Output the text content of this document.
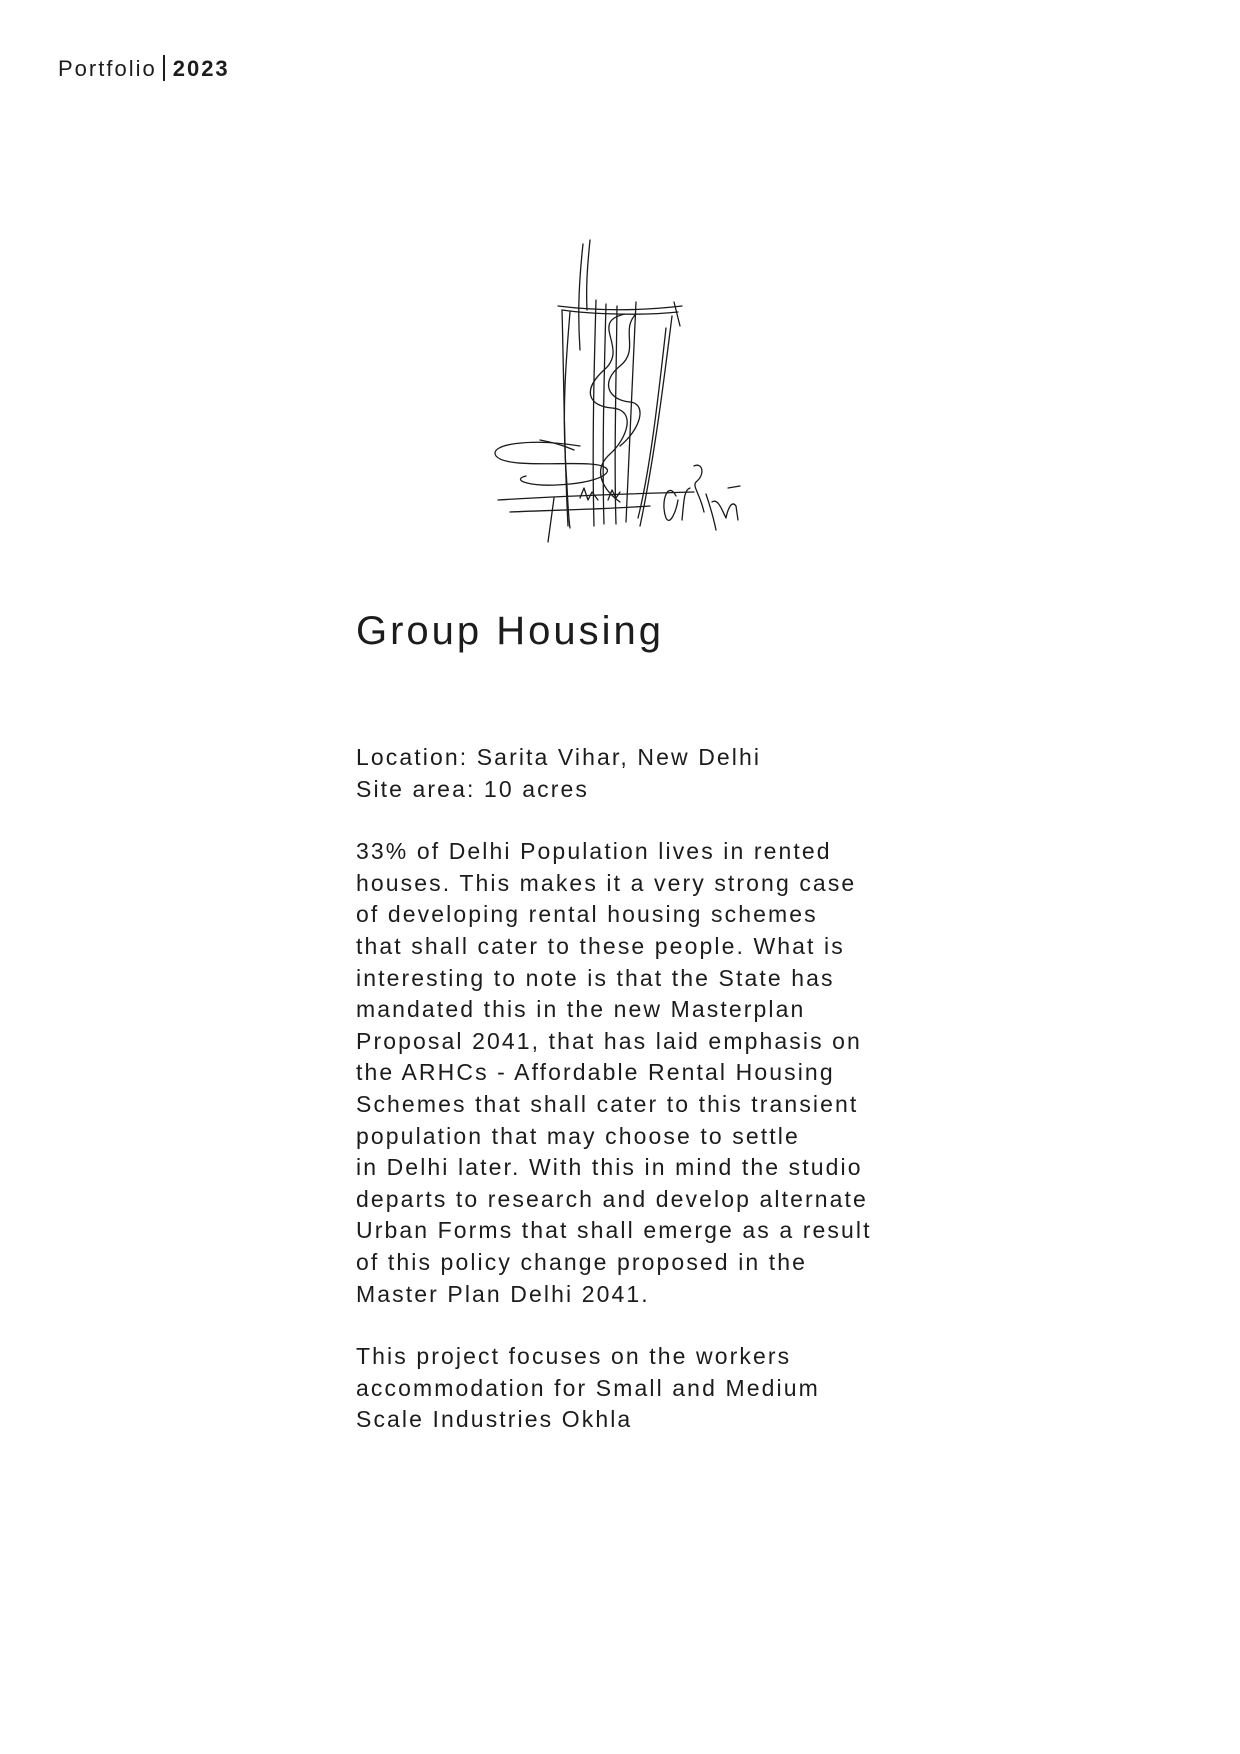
Portfolio 2023
Group Housing

Location: Sarita Vihar, New Delhi
Site area: 10 acres

33% of Delhi Population lives in rented
houses. This makes it a very strong case
of developing rental housing schemes
that shall cater to these people. What is
interesting to note is that the State has
mandated this in the new Masterplan
Proposal 2041, that has laid emphasis on
the ARHCs - Affordable Rental Housing
Schemes that shall cater to this transient
population that may choose to settle
in Delhi later. With this in mind the studio
departs to research and develop alternate
Urban Forms that shall emerge as a result
of this policy change proposed in the
Master Plan Delhi 2041.

This project focuses on the workers
accommodation for Small and Medium
Scale Industries Okhla
